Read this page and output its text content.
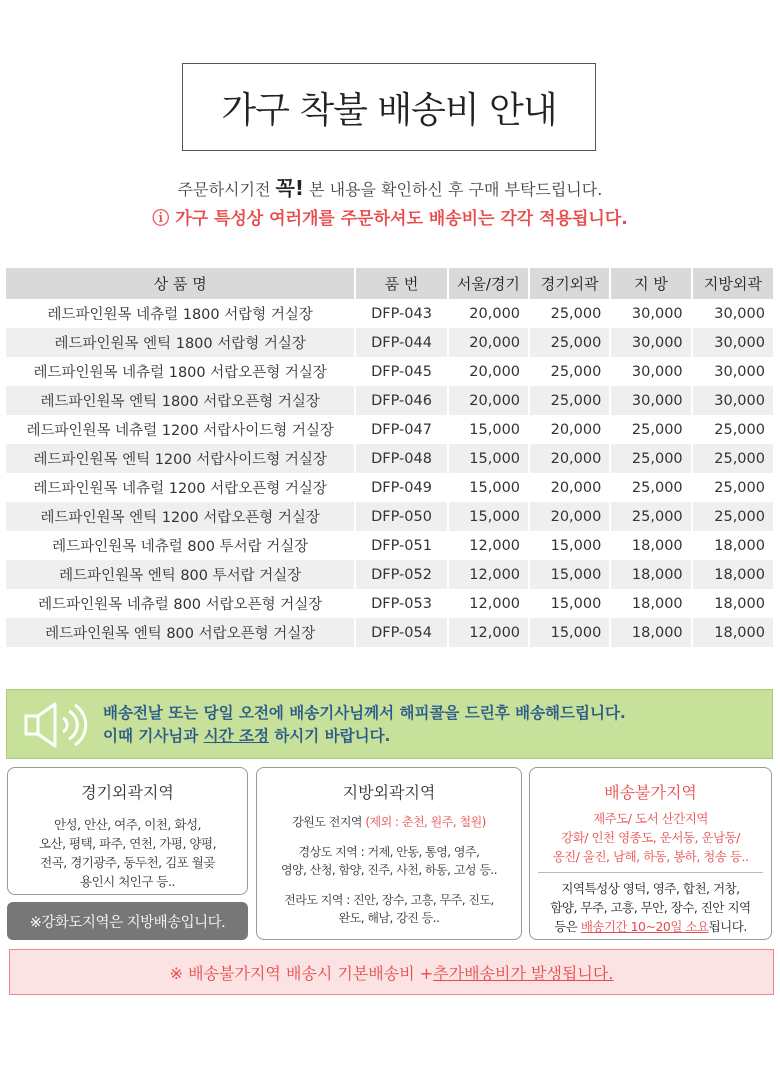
가구 착불 배송비 안내
주문하시기전 꼭! 본 내용을 확인하신 후 구매 부탁드립니다.
ⓘ 가구 특성상 여러개를 주문하셔도 배송비는 각각 적용됩니다.
상 품 명	품 번	서울/경기	경기외곽	지 방	지방외곽
레드파인원목 네츄럴 1800 서랍형 거실장	DFP-043	20,000	25,000	30,000	30,000
레드파인원목 엔틱 1800 서랍형 거실장	DFP-044	20,000	25,000	30,000	30,000
레드파인원목 네츄럴 1800 서랍오픈형 거실장	DFP-045	20,000	25,000	30,000	30,000
레드파인원목 엔틱 1800 서랍오픈형 거실장	DFP-046	20,000	25,000	30,000	30,000
레드파인원목 네츄럴 1200 서랍사이드형 거실장	DFP-047	15,000	20,000	25,000	25,000
레드파인원목 엔틱 1200 서랍사이드형 거실장	DFP-048	15,000	20,000	25,000	25,000
레드파인원목 네츄럴 1200 서랍오픈형 거실장	DFP-049	15,000	20,000	25,000	25,000
레드파인원목 엔틱 1200 서랍오픈형 거실장	DFP-050	15,000	20,000	25,000	25,000
레드파인원목 네츄럴 800 투서랍 거실장	DFP-051	12,000	15,000	18,000	18,000
레드파인원목 엔틱 800 투서랍 거실장	DFP-052	12,000	15,000	18,000	18,000
레드파인원목 네츄럴 800 서랍오픈형 거실장	DFP-053	12,000	15,000	18,000	18,000
레드파인원목 엔틱 800 서랍오픈형 거실장	DFP-054	12,000	15,000	18,000	18,000
배송전날 또는 당일 오전에 배송기사님께서 해피콜을 드린후 배송해드립니다.
이때 기사님과 시간 조정 하시기 바랍니다.
경기외곽지역
안성, 안산, 여주, 이천, 화성,
오산, 평택, 파주, 연천, 가평, 양평,
전곡, 경기광주, 동두천, 김포 월곶
용인시 처인구 등..
※강화도지역은 지방배송입니다.
지방외곽지역
강원도 전지역 (제외 : 춘천, 원주, 철원)
경상도 지역 : 거제, 안동, 통영, 영주,
영양, 산청, 함양, 진주, 사천, 하동, 고성 등..
전라도 지역 : 진안, 장수, 고흥, 무주, 진도,
완도, 해남, 강진 등..
배송불가지역
제주도/ 도서 산간지역
강화/ 인천 영종도, 운서동, 운남동/
옹진/ 울진, 남해, 하동, 봉하, 청송 등..
지역특성상 영덕, 영주, 합천, 거창,
함양, 무주, 고흥, 무안, 장수, 진안 지역
등은 배송기간 10~20일 소요됩니다.
※ 배송불가지역 배송시 기본배송비 + 추가배송비가 발생됩니다.
